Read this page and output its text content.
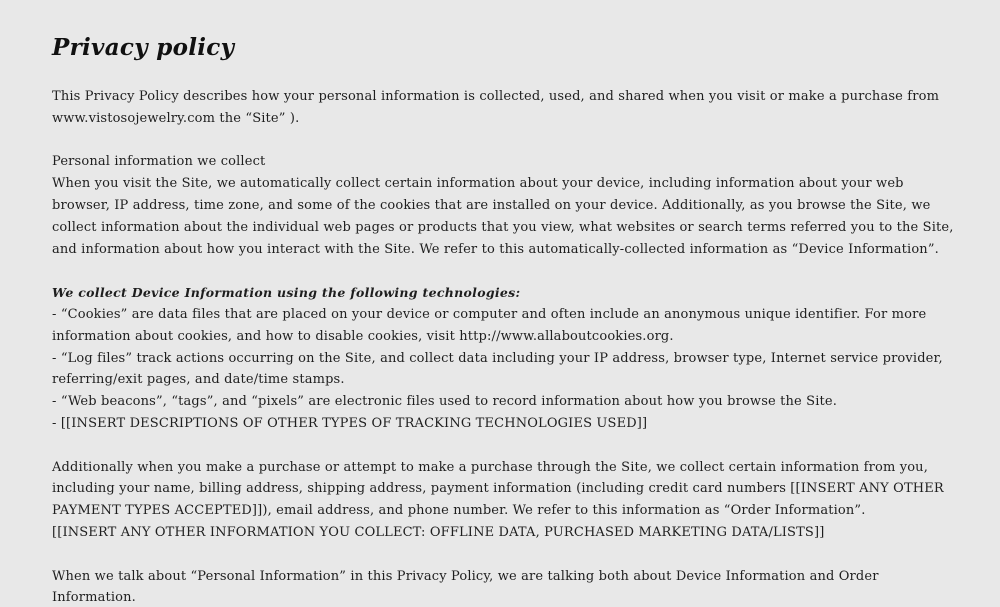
Privacy policy

This Privacy Policy describes how your personal information is collected, used, and shared when you visit or make a purchase from www.vistosojewelry.com the “Site” ).

Personal information we collect

When you visit the Site, we automatically collect certain information about your device, including information about your web browser, IP address, time zone, and some of the cookies that are installed on your device. Additionally, as you browse the Site, we collect information about the individual web pages or products that you view, what websites or search terms referred you to the Site, and information about how you interact with the Site. We refer to this automatically-collected information as “Device Information”.

We collect Device Information using the following technologies:

- “Cookies” are data files that are placed on your device or computer and often include an anonymous unique identifier. For more information about cookies, and how to disable cookies, visit http://www.allaboutcookies.org.

- “Log files” track actions occurring on the Site, and collect data including your IP address, browser type, Internet service provider, referring/exit pages, and date/time stamps.

- “Web beacons”, “tags”, and “pixels” are electronic files used to record information about how you browse the Site.

- [[INSERT DESCRIPTIONS OF OTHER TYPES OF TRACKING TECHNOLOGIES USED]]

Additionally when you make a purchase or attempt to make a purchase through the Site, we collect certain information from you, including your name, billing address, shipping address, payment information (including credit card numbers [[INSERT ANY OTHER PAYMENT TYPES ACCEPTED]]), email address, and phone number. We refer to this information as “Order Information”.

[[INSERT ANY OTHER INFORMATION YOU COLLECT: OFFLINE DATA, PURCHASED MARKETING DATA/LISTS]]

When we talk about “Personal Information” in this Privacy Policy, we are talking both about Device Information and Order Information.
